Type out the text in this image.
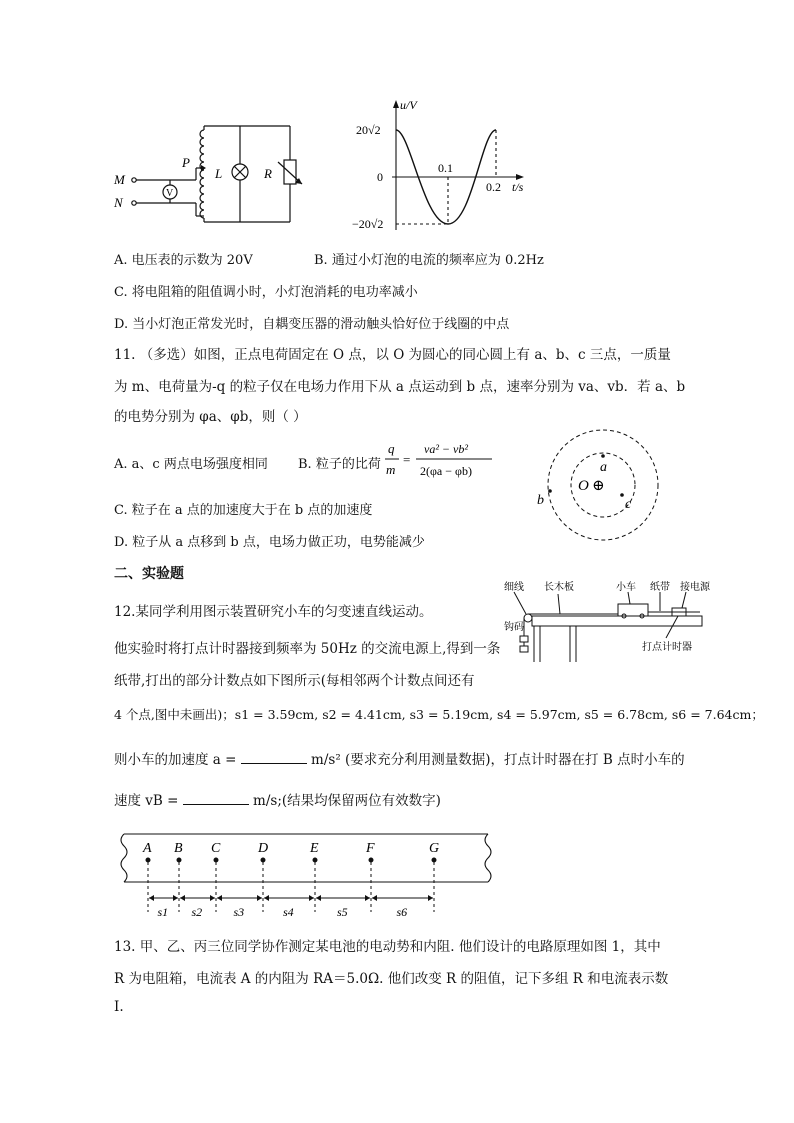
M
N
V
P
L	R
u/V
t/s
0
20√2
−20√2
0.1
0.2
A. 电压表的示数为 20V	B. 通过小灯泡的电流的频率应为 0.2Hz
C. 将电阻箱的阻值调小时，小灯泡消耗的电功率减小
D. 当小灯泡正常发光时，自耦变压器的滑动触头恰好位于线圈的中点
11. （多选）如图，正点电荷固定在 O 点，以 O 为圆心的同心圆上有 a、b、c 三点，一质量
为 m、电荷量为-q 的粒子仅在电场力作用下从 a 点运动到 b 点，速率分别为 va、vb．若 a、b
的电势分别为 φa、φb，则（ ）
A. a、c 两点电场强度相同 B. 粒子的比荷
q
m
=
va² − vb²
2(φa − φb)
C. 粒子在 a 点的加速度大于在 b 点的加速度
D. 粒子从 a 点移到 b 点，电场力做正功，电势能减少
a
c
b
O ⊕
二、实验题
12.某同学利用图示装置研究小车的匀变速直线运动。
他实验时将打点计时器接到频率为 50Hz 的交流电源上,得到一条
纸带,打出的部分计数点如下图所示(每相邻两个计数点间还有
4 个点,图中未画出)；s1 = 3.59cm, s2 = 4.41cm, s3 = 5.19cm, s4 = 5.97cm, s5 = 6.78cm, s6 = 7.64cm；
则小车的加速度 a =	m/s² (要求充分利用测量数据)，打点计时器在打 B 点时小车的
速度 vB =	m/s;(结果均保留两位有效数字)
细线 长木板	小车 纸带 接电源
钩码
打点计时器
A B C	D	E	F	G
s1 s2	s3	s4	s5	s6
13. 甲、乙、丙三位同学协作测定某电池的电动势和内阻. 他们设计的电路原理如图 1，其中
R 为电阻箱，电流表 A 的内阻为 RA＝5.0Ω. 他们改变 R 的阻值，记下多组 R 和电流表示数
I.
